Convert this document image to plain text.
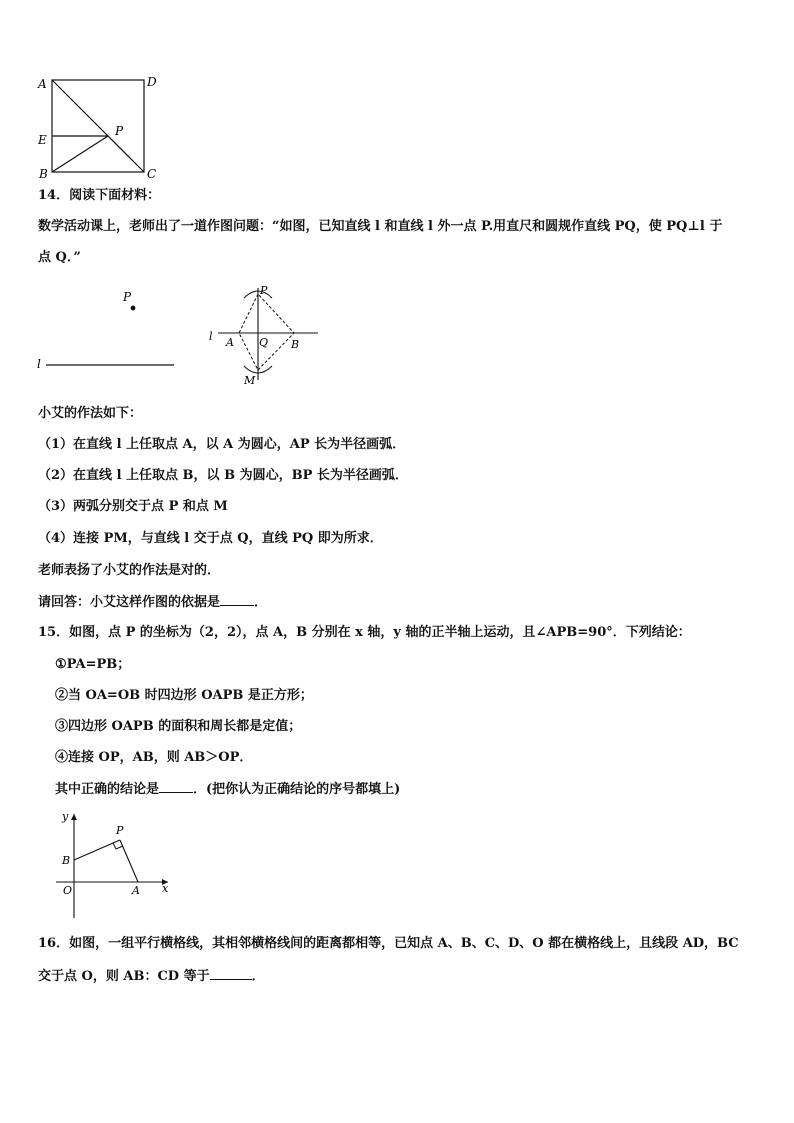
A	D
E
P
B	C
14．阅读下面材料：
数学活动课上，老师出了一道作图问题：“如图，已知直线 l 和直线 l 外一点 P.用直尺和圆规作直线 PQ，使 PQ⊥l 于
点 Q．”
P
l
P
l A Q B
M
小艾的作法如下：
（1）在直线 l 上任取点 A，以 A 为圆心，AP 长为半径画弧．
（2）在直线 l 上任取点 B，以 B 为圆心，BP 长为半径画弧．
（3）两弧分别交于点 P 和点 M
（4）连接 PM，与直线 l 交于点 Q，直线 PQ 即为所求．
老师表扬了小艾的作法是对的．
请回答：小艾这样作图的依据是	．
15．如图，点 P 的坐标为（2，2），点 A，B 分别在 x 轴，y 轴的正半轴上运动，且∠APB=90°．下列结论：
①PA=PB；
②当 OA=OB 时四边形 OAPB 是正方形；
③四边形 OAPB 的面积和周长都是定值；
④连接 OP，AB，则 AB＞OP．
其中正确的结论是	．(把你认为正确结论的序号都填上)
y
x
P
B
O	A
16．如图，一组平行横格线，其相邻横格线间的距离都相等，已知点 A、B、C、D、O 都在横格线上，且线段 AD，BC
交于点 O，则 AB：CD 等于	．
